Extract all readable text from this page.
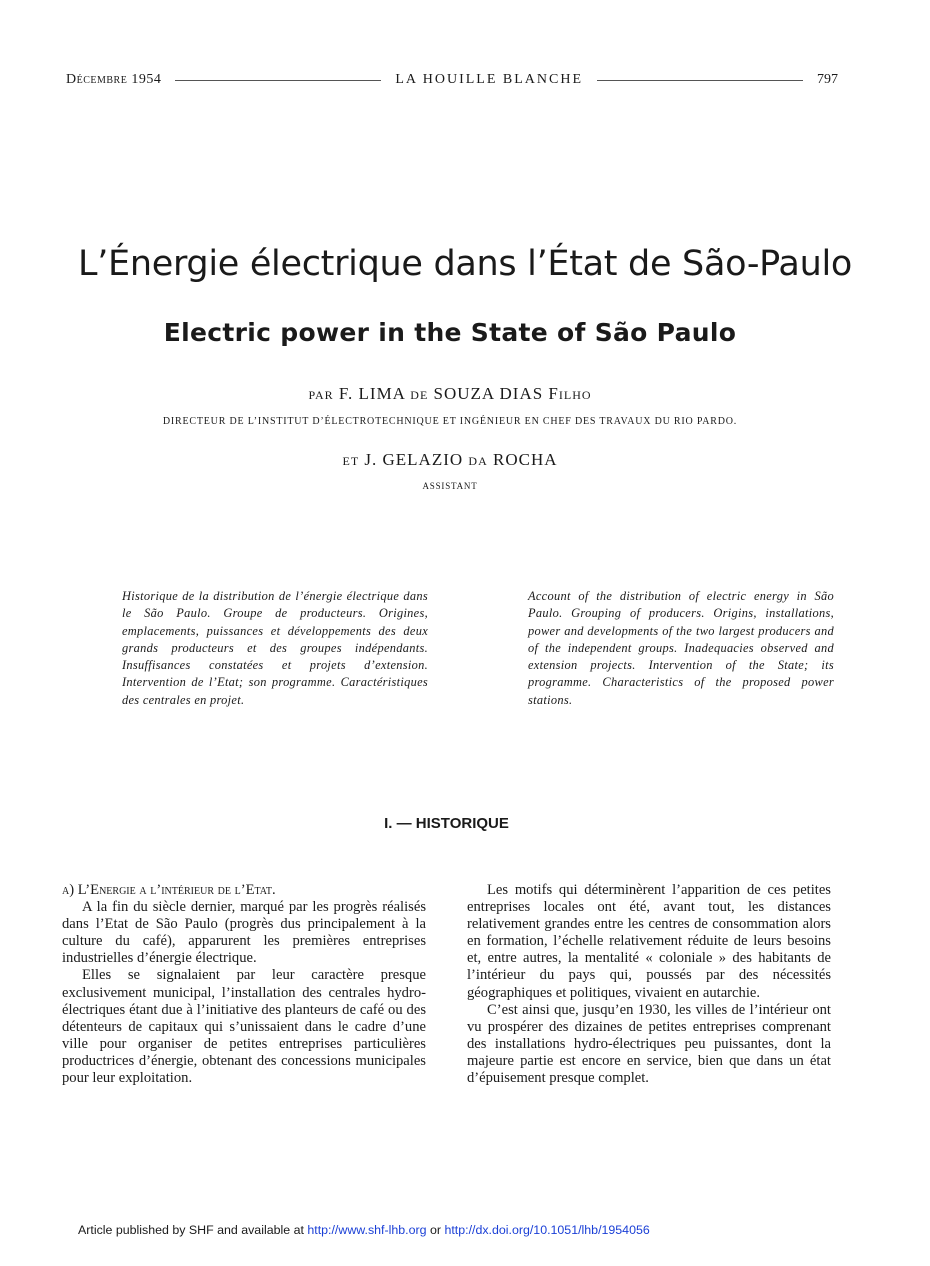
Décembre 1954	LA HOUILLE BLANCHE	797
L’Énergie électrique dans l’État de São-Paulo
Electric power in the State of São Paulo
par F. LIMA de SOUZA DIAS Filho
DIRECTEUR DE L’INSTITUT D’ÉLECTROTECHNIQUE ET INGÉNIEUR EN CHEF DES TRAVAUX DU RIO PARDO.
et J. GELAZIO da ROCHA
ASSISTANT

Historique de la distribution de l’énergie électrique dans le São Paulo. Groupe de producteurs. Origines, emplacements, puissances et développements des deux grands producteurs et des groupes indépendants. Insuffisances constatées et projets d’extension. Intervention de l’Etat; son programme. Caractéristiques des centrales en projet.

Account of the distribution of electric energy in São Paulo. Grouping of producers. Origins, installations, power and developments of the two largest producers and of the independent groups. Inadequacies observed and extension projects. Intervention of the State; its programme. Characteristics of the proposed power stations.

I. — HISTORIQUE

a) L’Energie a l’intérieur de l’Etat.

A la fin du siècle dernier, marqué par les progrès réalisés dans l’Etat de São Paulo (progrès dus principalement à la culture du café), apparurent les premières entreprises industrielles d’énergie électrique.

Elles se signalaient par leur caractère presque exclusivement municipal, l’installation des centrales hydro-électriques étant due à l’initiative des planteurs de café ou des détenteurs de capitaux qui s’unissaient dans le cadre d’une ville pour organiser de petites entreprises particulières productrices d’énergie, obtenant des concessions municipales pour leur exploitation.

Les motifs qui déterminèrent l’apparition de ces petites entreprises locales ont été, avant tout, les distances relativement grandes entre les centres de consommation alors en formation, l’échelle relativement réduite de leurs besoins et, entre autres, la mentalité « coloniale » des habitants de l’intérieur du pays qui, poussés par des nécessités géographiques et politiques, vivaient en autarchie.

C’est ainsi que, jusqu’en 1930, les villes de l’intérieur ont vu prospérer des dizaines de petites entreprises comprenant des installations hydro-électriques peu puissantes, dont la majeure partie est encore en service, bien que dans un état d’épuisement presque complet.

Article published by SHF and available at http://www.shf-lhb.org or http://dx.doi.org/10.1051/lhb/1954056
